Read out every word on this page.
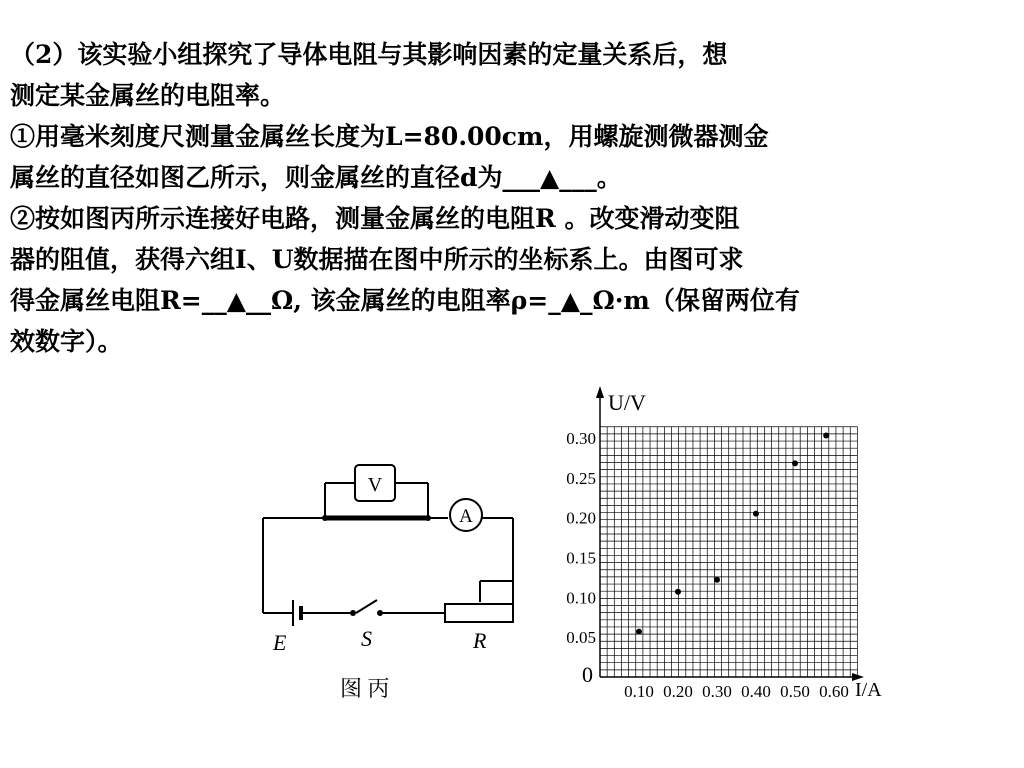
（2）该实验小组探究了导体电阻与其影响因素的定量关系后，想
测定某金属丝的电阻率。
①用毫米刻度尺测量金属丝长度为L=80.00cm，用螺旋测微器测金
属丝的直径如图乙所示，则金属丝的直径d为___▲___。
②按如图丙所示连接好电路，测量金属丝的电阻R 。改变滑动变阻
器的阻值，获得六组I、U数据描在图中所示的坐标系上。由图可求
得金属丝电阻R=__▲__Ω, 该金属丝的电阻率ρ=_▲_Ω·m（保留两位有
效数字）。
V
A
E	S	R
图 丙
U/V
I/A
0
0.10 0.20 0.30 0.40 0.50 0.60
0.05
0.10
0.15
0.20
0.25
0.30
